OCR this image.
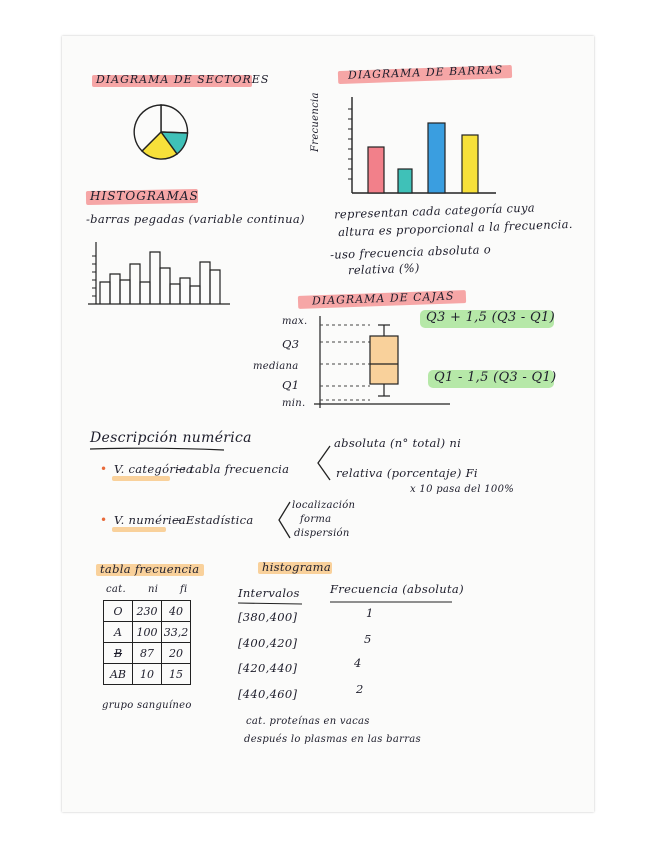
DIAGRAMA DE SECTORES	DIAGRAMA DE BARRAS
Frecuencia
representan cada categoría cuya
altura es proporcional a la frecuencia.
-uso frecuencia absoluta o
relativa (%)
HISTOGRAMAS
-barras pegadas (variable continua)
DIAGRAMA DE CAJAS
max.
Q3
mediana
Q1
min.
Q3 + 1,5 (Q3 - Q1)
Q1 - 1,5 (Q3 - Q1)
Descripción numérica
• V. categórica
→ tabla frecuencia
absoluta (n° total) ni
relativa (porcentaje) Fi
x 10 pasa del 100%
• V. numérica
→ Estadística
localización
forma
dispersión
tabla frecuencia
cat. ni fi
O	230	40
A	100	33,2
B	87	20
AB	10	15
grupo sanguíneo
histograma
Intervalos	Frecuencia (absoluta)
[380,400]	1
[400,420]	5
[420,440]	4
[440,460]	2
cat. proteínas en vacas
después lo plasmas en las barras
